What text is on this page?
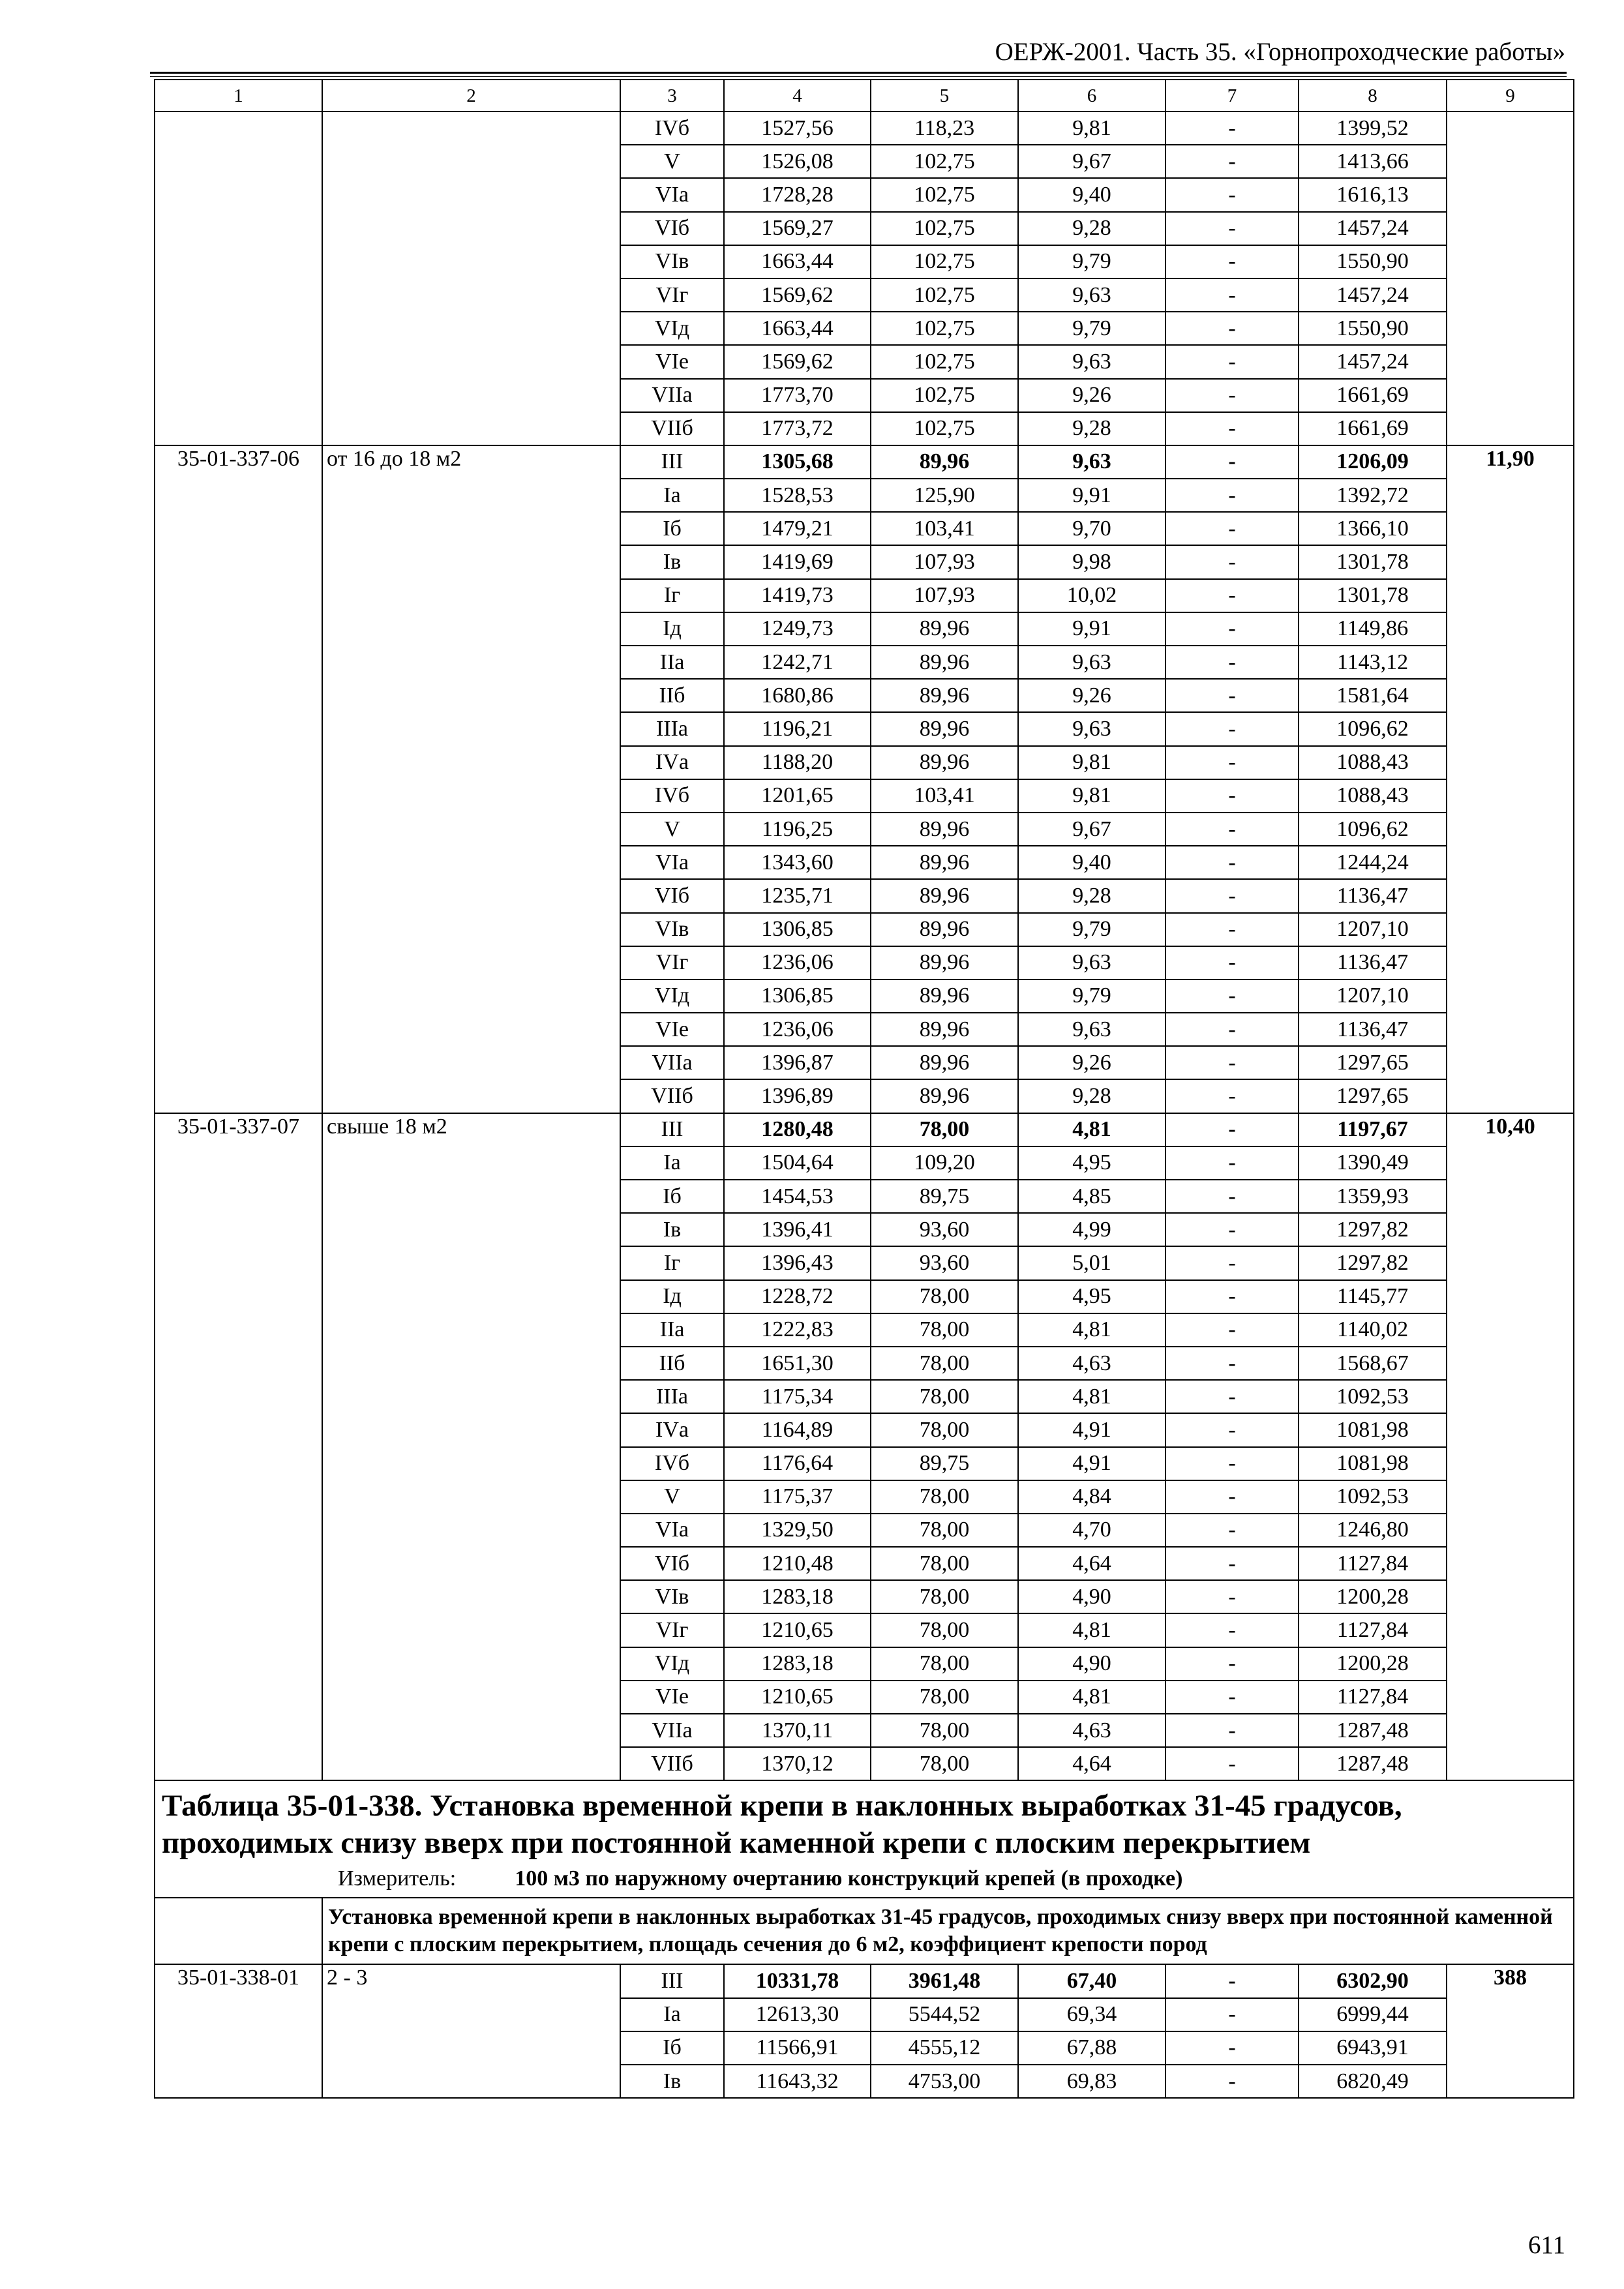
ОЕРЖ-2001. Часть 35. «Горнопроходческие работы»
1	2	3	4	5	6	7	8	9
		IVб	1527,56	118,23	9,81	-	1399,52	
		V	1526,08	102,75	9,67	-	1413,66	
		VIа	1728,28	102,75	9,40	-	1616,13	
		VIб	1569,27	102,75	9,28	-	1457,24	
		VIв	1663,44	102,75	9,79	-	1550,90	
		VIг	1569,62	102,75	9,63	-	1457,24	
		VIд	1663,44	102,75	9,79	-	1550,90	
		VIе	1569,62	102,75	9,63	-	1457,24	
		VIIа	1773,70	102,75	9,26	-	1661,69	
		VIIб	1773,72	102,75	9,28	-	1661,69	
35-01-337-06	от 16 до 18 м2	III	1305,68	89,96	9,63	-	1206,09	11,90
		Iа	1528,53	125,90	9,91	-	1392,72	
		Iб	1479,21	103,41	9,70	-	1366,10	
		Iв	1419,69	107,93	9,98	-	1301,78	
		Iг	1419,73	107,93	10,02	-	1301,78	
		Iд	1249,73	89,96	9,91	-	1149,86	
		IIа	1242,71	89,96	9,63	-	1143,12	
		IIб	1680,86	89,96	9,26	-	1581,64	
		IIIа	1196,21	89,96	9,63	-	1096,62	
		IVа	1188,20	89,96	9,81	-	1088,43	
		IVб	1201,65	103,41	9,81	-	1088,43	
		V	1196,25	89,96	9,67	-	1096,62	
		VIа	1343,60	89,96	9,40	-	1244,24	
		VIб	1235,71	89,96	9,28	-	1136,47	
		VIв	1306,85	89,96	9,79	-	1207,10	
		VIг	1236,06	89,96	9,63	-	1136,47	
		VIд	1306,85	89,96	9,79	-	1207,10	
		VIе	1236,06	89,96	9,63	-	1136,47	
		VIIа	1396,87	89,96	9,26	-	1297,65	
		VIIб	1396,89	89,96	9,28	-	1297,65	
35-01-337-07	свыше 18 м2	III	1280,48	78,00	4,81	-	1197,67	10,40
		Iа	1504,64	109,20	4,95	-	1390,49	
		Iб	1454,53	89,75	4,85	-	1359,93	
		Iв	1396,41	93,60	4,99	-	1297,82	
		Iг	1396,43	93,60	5,01	-	1297,82	
		Iд	1228,72	78,00	4,95	-	1145,77	
		IIа	1222,83	78,00	4,81	-	1140,02	
		IIб	1651,30	78,00	4,63	-	1568,67	
		IIIа	1175,34	78,00	4,81	-	1092,53	
		IVа	1164,89	78,00	4,91	-	1081,98	
		IVб	1176,64	89,75	4,91	-	1081,98	
		V	1175,37	78,00	4,84	-	1092,53	
		VIа	1329,50	78,00	4,70	-	1246,80	
		VIб	1210,48	78,00	4,64	-	1127,84	
		VIв	1283,18	78,00	4,90	-	1200,28	
		VIг	1210,65	78,00	4,81	-	1127,84	
		VIд	1283,18	78,00	4,90	-	1200,28	
		VIе	1210,65	78,00	4,81	-	1127,84	
		VIIа	1370,11	78,00	4,63	-	1287,48	
		VIIб	1370,12	78,00	4,64	-	1287,48	

Таблица 35-01-338. Установка временной крепи в наклонных выработках 31-45 градусов, проходимых снизу вверх при постоянной каменной крепи с плоским перекрытием
Измеритель: 100 м3 по наружному очертанию конструкций крепей (в проходке)								

	Установка временной крепи в наклонных выработках 31-45 градусов, проходимых снизу вверх при постоянной каменной крепи с плоским перекрытием, площадь сечения до 6 м2, коэффициент крепости пород							
35-01-338-01	2 - 3	III	10331,78	3961,48	67,40	-	6302,90	388
		Iа	12613,30	5544,52	69,34	-	6999,44	
		Iб	11566,91	4555,12	67,88	-	6943,91	
		Iв	11643,32	4753,00	69,83	-	6820,49	
611
